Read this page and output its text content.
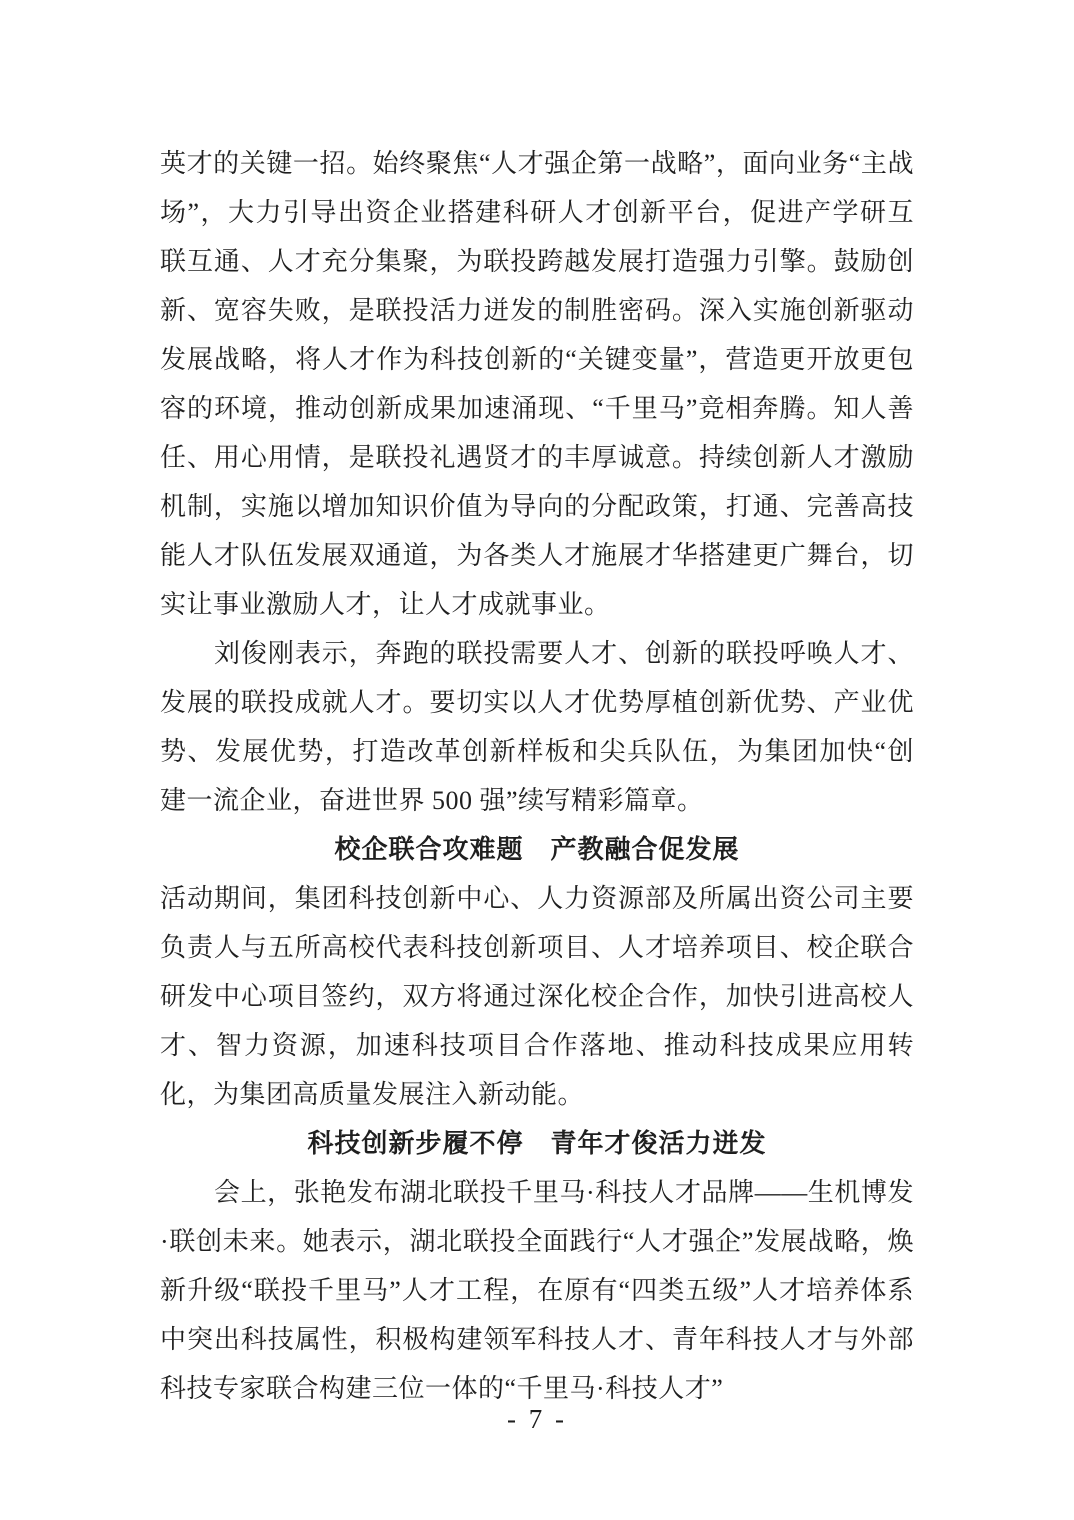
英才的关键一招。始终聚焦“人才强企第一战略”，面向业务“主战场”，大力引导出资企业搭建科研人才创新平台，促进产学研互联互通、人才充分集聚，为联投跨越发展打造强力引擎。鼓励创新、宽容失败，是联投活力迸发的制胜密码。深入实施创新驱动发展战略，将人才作为科技创新的“关键变量”，营造更开放更包容的环境，推动创新成果加速涌现、“千里马”竞相奔腾。知人善任、用心用情，是联投礼遇贤才的丰厚诚意。持续创新人才激励机制，实施以增加知识价值为导向的分配政策，打通、完善高技能人才队伍发展双通道，为各类人才施展才华搭建更广舞台，切实让事业激励人才，让人才成就事业。

刘俊刚表示，奔跑的联投需要人才、创新的联投呼唤人才、发展的联投成就人才。要切实以人才优势厚植创新优势、产业优势、发展优势，打造改革创新样板和尖兵队伍，为集团加快“创建一流企业，奋进世界 500 强”续写精彩篇章。

校企联合攻难题　产教融合促发展

活动期间，集团科技创新中心、人力资源部及所属出资公司主要负责人与五所高校代表科技创新项目、人才培养项目、校企联合研发中心项目签约，双方将通过深化校企合作，加快引进高校人才、智力资源，加速科技项目合作落地、推动科技成果应用转化，为集团高质量发展注入新动能。

科技创新步履不停　青年才俊活力迸发

会上，张艳发布湖北联投千里马·科技人才品牌——生机博发·联创未来。她表示，湖北联投全面践行“人才强企”发展战略，焕新升级“联投千里马”人才工程，在原有“四类五级”人才培养体系中突出科技属性，积极构建领军科技人才、青年科技人才与外部科技专家联合构建三位一体的“千里马·科技人才”

- 7 -
